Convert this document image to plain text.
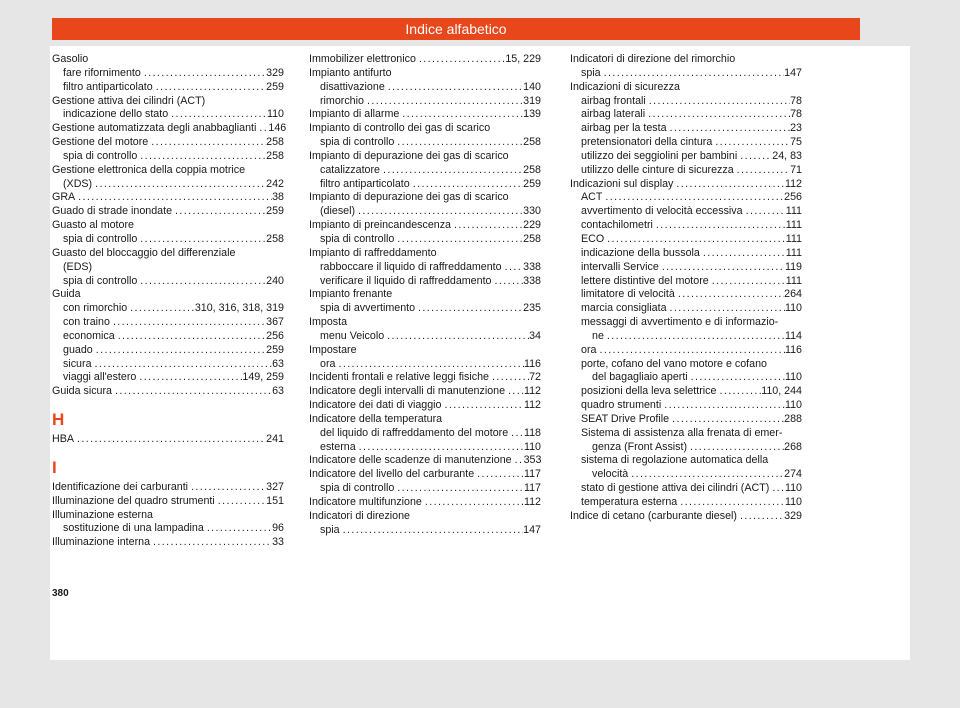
Indice alfabetico
Gasolio
fare rifornimento .....	329
filtro antiparticolato .....	259
Gestione attiva dei cilindri (ACT)
indicazione dello stato .....	110
Gestione automatizzata degli anabbaglianti ..... 146
Gestione del motore .....	258
spia di controllo .....	258
Gestione elettronica della coppia motrice
(XDS) .....	242
GRA .....	38
Guado di strade inondate .....	259
Guasto al motore
spia di controllo .....	258
Guasto del bloccaggio del differenziale
(EDS)
spia di controllo .....	240
Guida
con rimorchio .....	310, 316, 318, 319
con traino .....	367
economica .....	256
guado .....	259
sicura .....	63
viaggi all'estero .....	149, 259
Guida sicura .....	63
H
HBA .....	241
I
Identificazione dei carburanti .....	327
Illuminazione del quadro strumenti .....	151
Illuminazione esterna
sostituzione di una lampadina .....	96
Illuminazione interna .....	33
Immobilizer elettronico .....	15, 229
Impianto antifurto
disattivazione .....	140
rimorchio .....	319
Impianto di allarme .....	139
Impianto di controllo dei gas di scarico
spia di controllo .....	258
Impianto di depurazione dei gas di scarico
catalizzatore .....	258
filtro antiparticolato .....	259
Impianto di depurazione dei gas di scarico
(diesel) .....	330
Impianto di preincandescenza .....	229
spia di controllo .....	258
Impianto di raffreddamento
rabboccare il liquido di raffreddamento ..... 338
verificare il liquido di raffreddamento .....	338
Impianto frenante
spia di avvertimento .....	235
Imposta
menu Veicolo .....	34
Impostare
ora .....	116
Incidenti frontali e relative leggi fisiche .....	72
Indicatore degli intervalli di manutenzione ..... 112
Indicatore dei dati di viaggio .....	112
Indicatore della temperatura
del liquido di raffreddamento del motore ..... 118
esterna .....	110
Indicatore delle scadenze di manutenzione ..... 353
Indicatore del livello del carburante .....	117
spia di controllo .....	117
Indicatore multifunzione .....	112
Indicatori di direzione
spia .....	147
Indicatori di direzione del rimorchio
spia .....	147
Indicazioni di sicurezza
airbag frontali .....	78
airbag laterali .....	78
airbag per la testa .....	23
pretensionatori della cintura .....	75
utilizzo dei seggiolini per bambini .....	24, 83
utilizzo delle cinture di sicurezza .....	71
Indicazioni sul display .....	112
ACT .....	256
avvertimento di velocità eccessiva .....	111
contachilometri .....	111
ECO .....	111
indicazione della bussola .....	111
intervalli Service .....	119
lettere distintive del motore .....	111
limitatore di velocità .....	264
marcia consigliata .....	110
messaggi di avvertimento e di informazio-
ne .....	114
ora .....	116
porte, cofano del vano motore e cofano
del bagagliaio aperti .....	110
posizioni della leva selettrice .....	110, 244
quadro strumenti .....	110
SEAT Drive Profile .....	288
Sistema di assistenza alla frenata di emer-
genza (Front Assist) .....	268
sistema di regolazione automatica della
velocità .....	274
stato di gestione attiva dei cilindri (ACT) ..... 110
temperatura esterna .....	110
Indice di cetano (carburante diesel) .....	329
380
